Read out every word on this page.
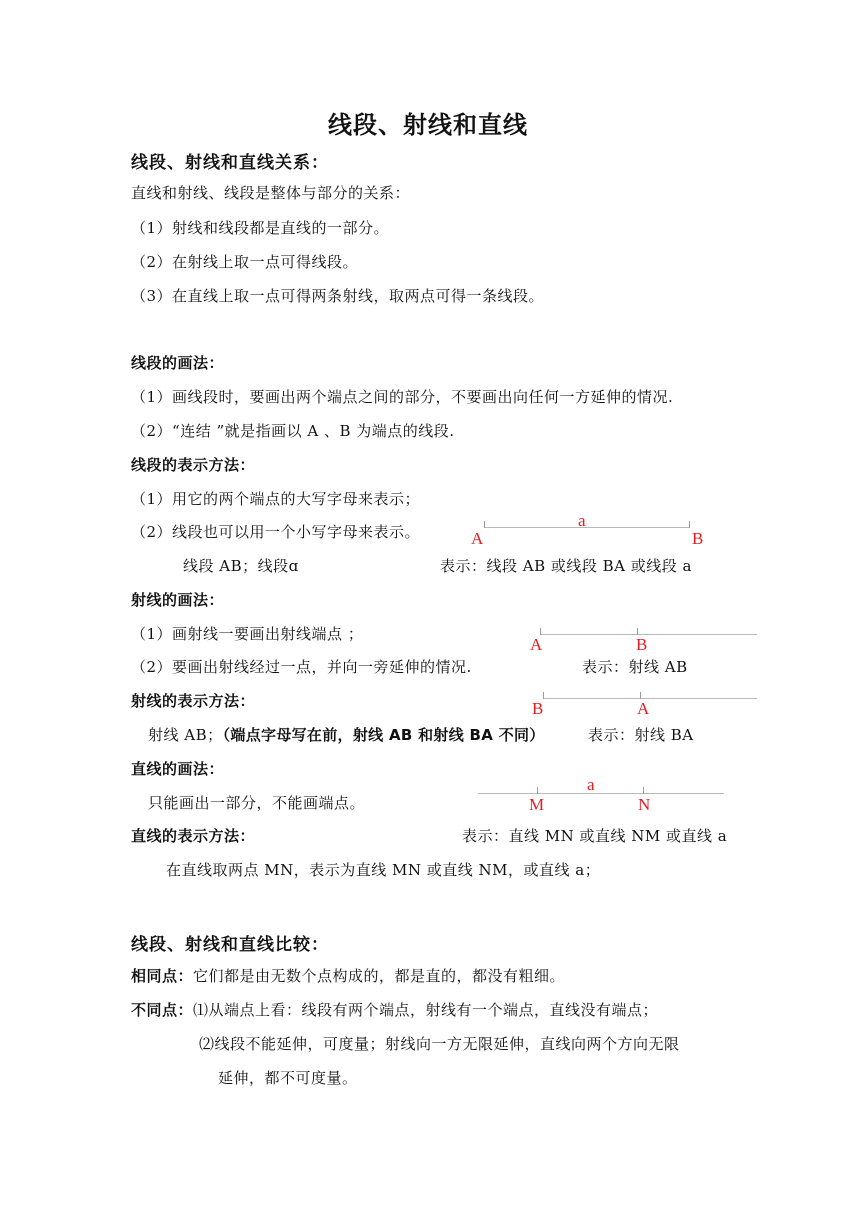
线段、射线和直线
线段、射线和直线关系：
直线和射线、线段是整体与部分的关系：
（1）射线和线段都是直线的一部分。
（2）在射线上取一点可得线段。
（3）在直线上取一点可得两条射线，取两点可得一条线段。
线段的画法：
（1）画线段时，要画出两个端点之间的部分，不要画出向任何一方延伸的情况.
（2）“连结 ”就是指画以 A 、B 为端点的线段.
线段的表示方法：
（1）用它的两个端点的大写字母来表示；
（2）线段也可以用一个小写字母来表示。
线段 AB；线段ɑ	表示：线段 AB 或线段 BA 或线段 a
A	B
a
射线的画法：
（1）画射线一要画出射线端点 ；
（2）要画出射线经过一点，并向一旁延伸的情况.	表示：射线 AB
A	B
射线的表示方法：
射线 AB；（端点字母写在前，射线 AB 和射线 BA 不同）	表示：射线 BA
B	A
直线的画法：
只能画出一部分，不能画端点。	M	N
a
直线的表示方法：	表示：直线 MN 或直线 NM 或直线 a
在直线取两点 MN，表示为直线 MN 或直线 NM，或直线 a；
线段、射线和直线比较：
相同点：它们都是由无数个点构成的，都是直的，都没有粗细。
不同点：⑴从端点上看：线段有两个端点，射线有一个端点，直线没有端点；
⑵线段不能延伸，可度量；射线向一方无限延伸，直线向两个方向无限
延伸，都不可度量。
